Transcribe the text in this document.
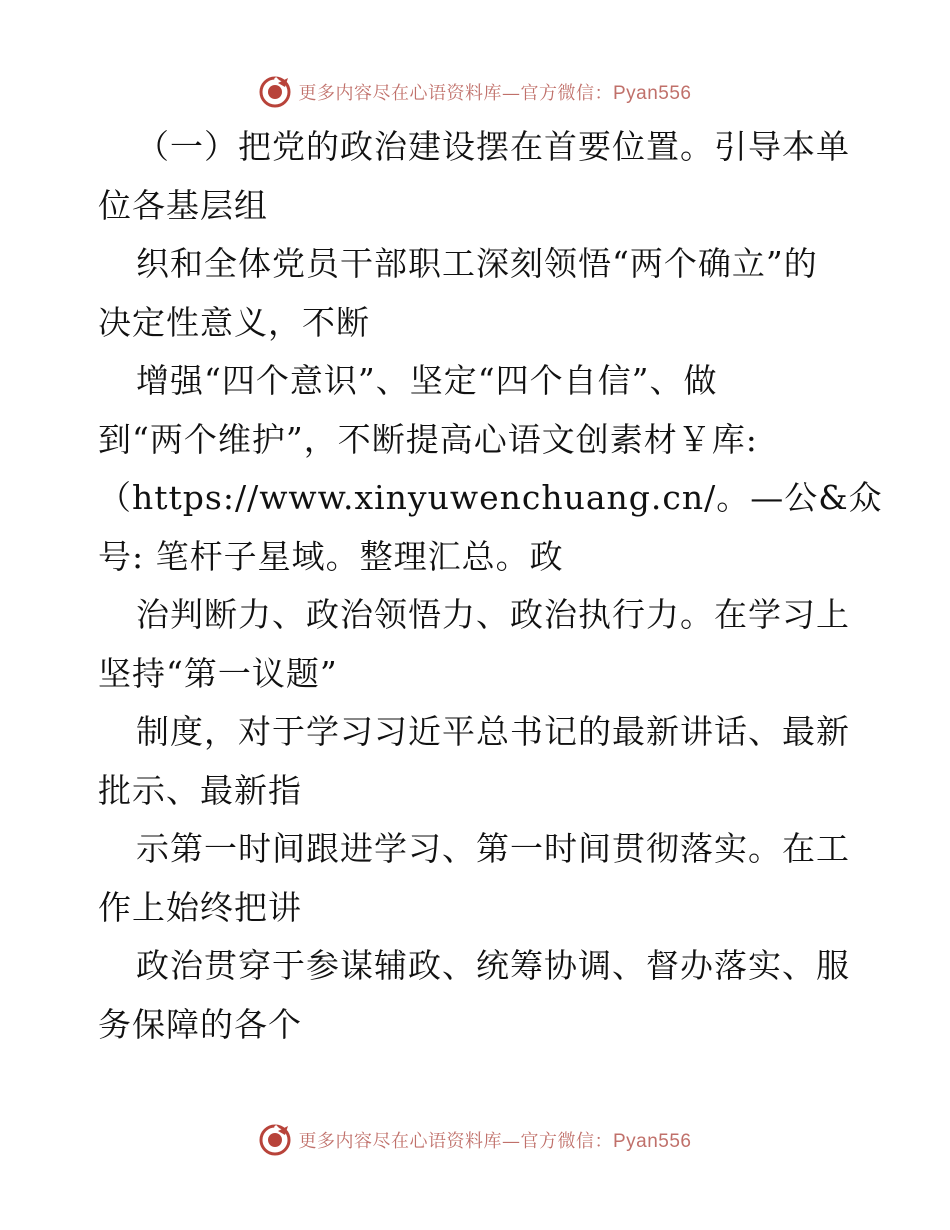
更多内容尽在心语资料库—官方微信：Pyan556
（一）把党的政治建设摆在首要位置。引导本单
位各基层组
织和全体党员干部职工深刻领悟“两个确立”的
决定性意义，不断
增强“四个意识”、坚定“四个自信”、做
到“两个维护”，不断提高心语文创素材￥库:
（https://www.xinyuwenchuang.cn/。—公&众
号: 笔杆子星域。整理汇总。政
治判断力、政治领悟力、政治执行力。在学习上
坚持“第一议题”
制度，对于学习习近平总书记的最新讲话、最新
批示、最新指
示第一时间跟进学习、第一时间贯彻落实。在工
作上始终把讲
政治贯穿于参谋辅政、统筹协调、督办落实、服
务保障的各个
更多内容尽在心语资料库—官方微信：Pyan556
